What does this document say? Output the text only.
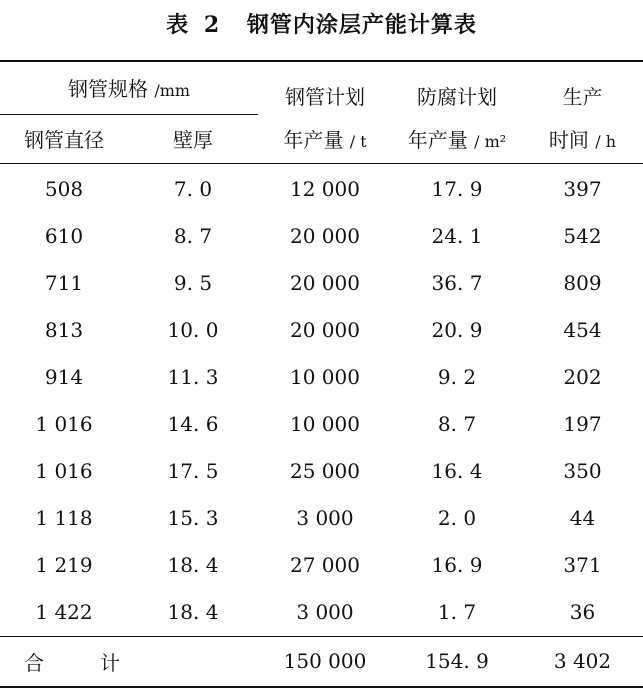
表 2 钢管内涂层产能计算表
钢管规格 /mm		钢管计划	防腐计划	生产
钢管直径	壁厚	年产量 / t	年产量 / m²	时间 / h
508	7. 0	12 000	17. 9	397
610	8. 7	20 000	24. 1	542
711	9. 5	20 000	36. 7	809
813	10. 0	20 000	20. 9	454
914	11. 3	10 000	9. 2	202
1 016	14. 6	10 000	8. 7	197
1 016	17. 5	25 000	16. 4	350
1 118	15. 3	3 000	2. 0	44
1 219	18. 4	27 000	16. 9	371
1 422	18. 4	3 000	1. 7	36
合 计		150 000	154. 9	3 402
